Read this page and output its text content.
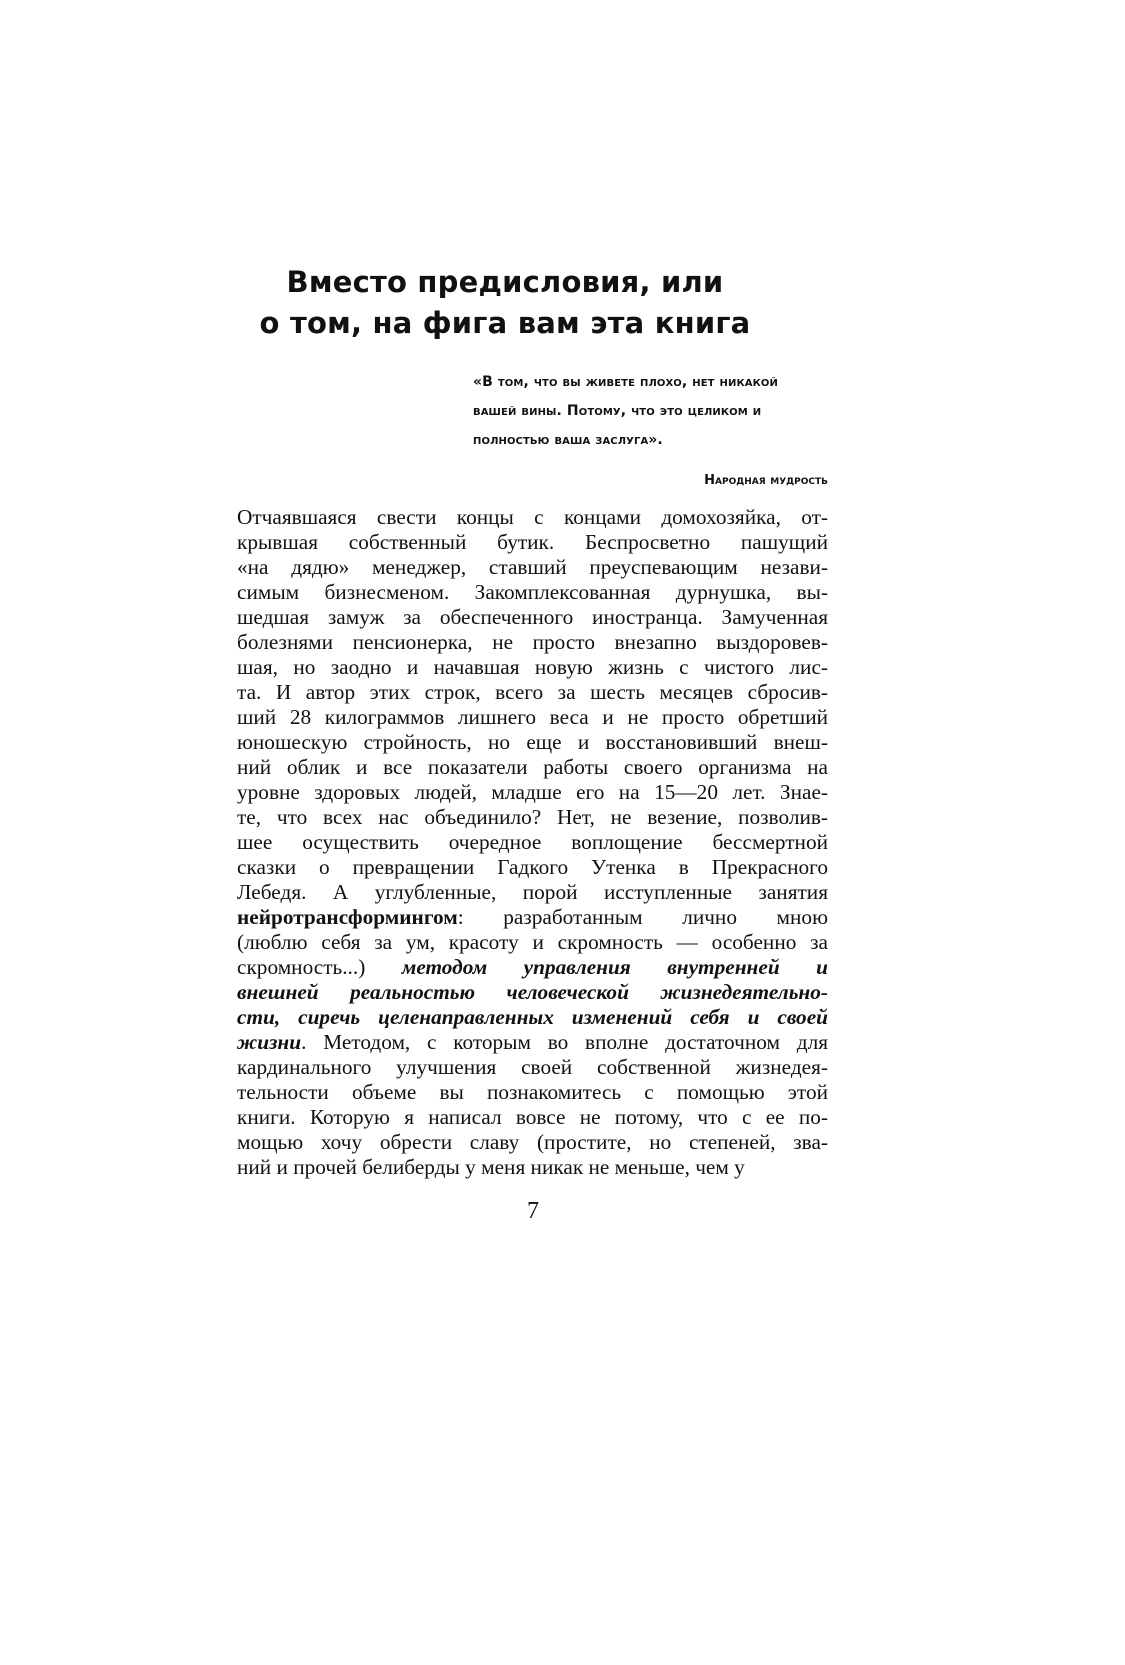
Вместо предисловия, или
о том, на фига вам эта книга
«В том, что вы живете плохо, нет никакой
вашей вины. Потому, что это целиком и
полностью ваша заслуга».
Народная мудрость
Отчаявшаяся свести концы с концами домохозяйка, от-
крывшая собственный бутик. Беспросветно пашущий
«на дядю» менеджер, ставший преуспевающим незави-
симым бизнесменом. Закомплексованная дурнушка, вы-
шедшая замуж за обеспеченного иностранца. Замученная
болезнями пенсионерка, не просто внезапно выздоровев-
шая, но заодно и начавшая новую жизнь с чистого лис-
та. И автор этих строк, всего за шесть месяцев сбросив-
ший 28 килограммов лишнего веса и не просто обретший
юношескую стройность, но еще и восстановивший внеш-
ний облик и все показатели работы своего организма на
уровне здоровых людей, младше его на 15—20 лет. Знае-
те, что всех нас объединило? Нет, не везение, позволив-
шее осуществить очередное воплощение бессмертной
сказки о превращении Гадкого Утенка в Прекрасного
Лебедя. А углубленные, порой исступленные занятия
нейротрансформингом: разработанным лично мною
(люблю себя за ум, красоту и скромность — особенно за
скромность...) методом управления внутренней и
внешней реальностью человеческой жизнедеятельно-
сти, сиречь целенаправленных изменений себя и своей
жизни. Методом, с которым во вполне достаточном для
кардинального улучшения своей собственной жизнедея-
тельности объеме вы познакомитесь с помощью этой
книги. Которую я написал вовсе не потому, что с ее по-
мощью хочу обрести славу (простите, но степеней, зва-
ний и прочей белиберды у меня никак не меньше, чем у
7
